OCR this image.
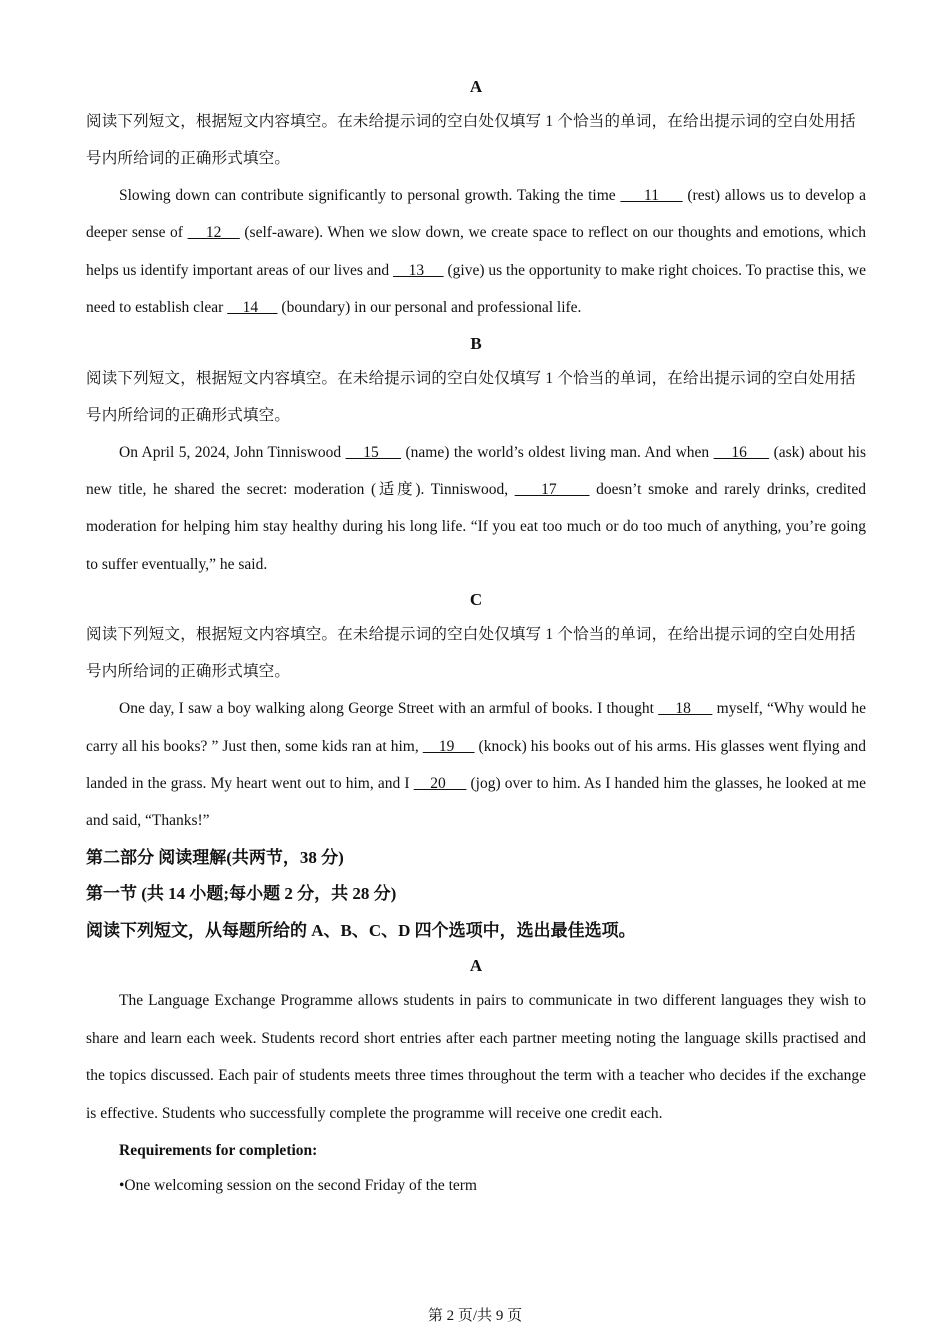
A
阅读下列短文，根据短文内容填空。在未给提示词的空白处仅填写 1 个恰当的单词，在给出提示词的空白处用括号内所给词的正确形式填空。
Slowing down can contribute significantly to personal growth. Taking the time      11      (rest) allows us to develop a deeper sense of     12     (self-aware). When we slow down, we create space to reflect on our thoughts and emotions, which helps us identify important areas of our lives and     13      (give) us the opportunity to make right choices. To practise this, we need to establish clear     14      (boundary) in our personal and professional life.
B
阅读下列短文，根据短文内容填空。在未给提示词的空白处仅填写 1 个恰当的单词，在给出提示词的空白处用括号内所给词的正确形式填空。
On April 5, 2024, John Tinniswood     15      (name) the world’s oldest living man. And when     16      (ask) about his new title, he shared the secret: moderation (适度). Tinniswood,     17      doesn’t smoke and rarely drinks, credited moderation for helping him stay healthy during his long life. “If you eat too much or do too much of anything, you’re going to suffer eventually,” he said.
C
阅读下列短文，根据短文内容填空。在未给提示词的空白处仅填写 1 个恰当的单词，在给出提示词的空白处用括号内所给词的正确形式填空。
One day, I saw a boy walking along George Street with an armful of books. I thought     18      myself, “Why would he carry all his books? ” Just then, some kids ran at him,     19      (knock) his books out of his arms. His glasses went flying and landed in the grass. My heart went out to him, and I     20      (jog) over to him. As I handed him the glasses, he looked at me and said, “Thanks!”
第二部分 阅读理解(共两节，38 分)
第一节 (共 14 小题;每小题 2 分，共 28 分)
阅读下列短文，从每题所给的 A、B、C、D 四个选项中，选出最佳选项。
A
The Language Exchange Programme allows students in pairs to communicate in two different languages they wish to share and learn each week. Students record short entries after each partner meeting noting the language skills practised and the topics discussed. Each pair of students meets three times throughout the term with a teacher who decides if the exchange is effective. Students who successfully complete the programme will receive one credit each.
Requirements for completion:
•One welcoming session on the second Friday of the term
第 2 页/共 9 页
